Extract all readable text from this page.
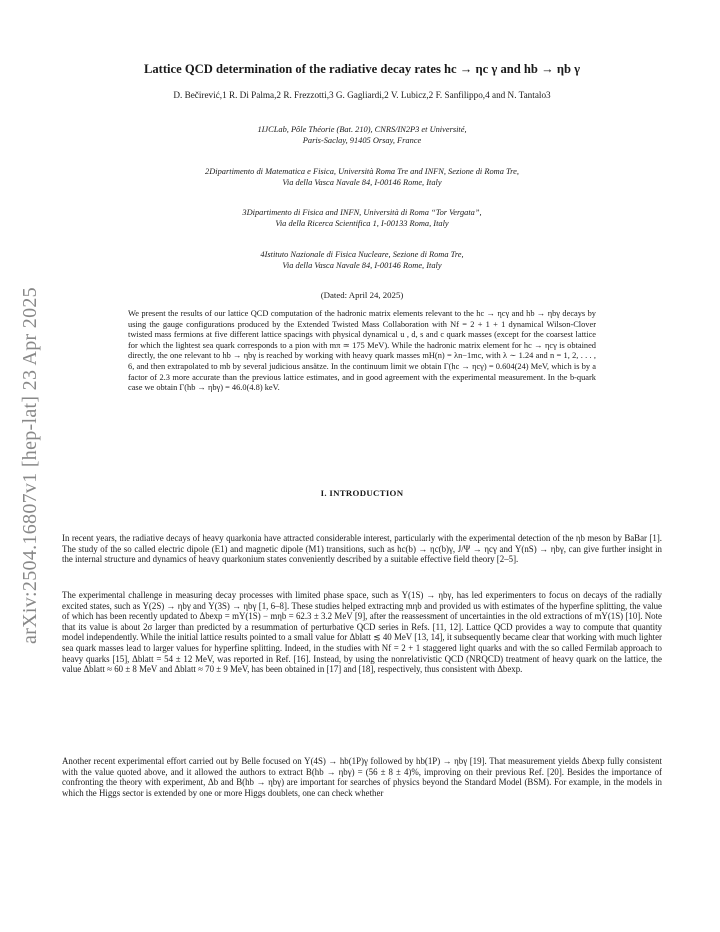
arXiv:2504.16807v1 [hep-lat] 23 Apr 2025
Lattice QCD determination of the radiative decay rates hc → ηc γ and hb → ηb γ
D. Bečirević,1 R. Di Palma,2 R. Frezzotti,3 G. Gagliardi,2 V. Lubicz,2 F. Sanfilippo,4 and N. Tantalo3

1IJCLab, Pôle Théorie (Bat. 210), CNRS/IN2P3 et Université,

Paris-Saclay, 91405 Orsay, France

2Dipartimento di Matematica e Fisica, Università Roma Tre and INFN, Sezione di Roma Tre,

Via della Vasca Navale 84, I-00146 Rome, Italy

3Dipartimento di Fisica and INFN, Università di Roma “Tor Vergata”,

Via della Ricerca Scientifica 1, I-00133 Roma, Italy

4Istituto Nazionale di Fisica Nucleare, Sezione di Roma Tre,

Via della Vasca Navale 84, I-00146 Rome, Italy

(Dated: April 24, 2025)

We present the results of our lattice QCD computation of the hadronic matrix elements relevant to the hc → ηcγ and hb → ηbγ decays by using the gauge configurations produced by the Extended Twisted Mass Collaboration with Nf = 2 + 1 + 1 dynamical Wilson-Clover twisted mass fermions at five different lattice spacings with physical dynamical u , d, s and c quark masses (except for the coarsest lattice for which the lightest sea quark corresponds to a pion with mπ ≃ 175 MeV). While the hadronic matrix element for hc → ηcγ is obtained directly, the one relevant to hb → ηbγ is reached by working with heavy quark masses mH(n) = λn−1mc, with λ ∼ 1.24 and n = 1, 2, . . . , 6, and then extrapolated to mb by several judicious ansätze. In the continuum limit we obtain Γ(hc → ηcγ) = 0.604(24) MeV, which is by a factor of 2.3 more accurate than the previous lattice estimates, and in good agreement with the experimental measurement. In the b-quark case we obtain Γ(hb → ηbγ) = 46.0(4.8) keV.

I. INTRODUCTION

In recent years, the radiative decays of heavy quarkonia have attracted considerable interest, particularly with the experimental detection of the ηb meson by BaBar [1]. The study of the so called electric dipole (E1) and magnetic dipole (M1) transitions, such as hc(b) → ηc(b)γ, J/Ψ → ηcγ and Υ(nS) → ηbγ, can give further insight in the internal structure and dynamics of heavy quarkonium states conveniently described by a suitable effective field theory [2–5].

The experimental challenge in measuring decay processes with limited phase space, such as Υ(1S) → ηbγ, has led experimenters to focus on decays of the radially excited states, such as Υ(2S) → ηbγ and Υ(3S) → ηbγ [1, 6–8]. These studies helped extracting mηb and provided us with estimates of the hyperfine splitting, the value of which has been recently updated to Δbexp = mΥ(1S) − mηb = 62.3 ± 3.2 MeV [9], after the reassessment of uncertainties in the old extractions of mΥ(1S) [10]. Note that its value is about 2σ larger than predicted by a resummation of perturbative QCD series in Refs. [11, 12]. Lattice QCD provides a way to compute that quantity model independently. While the initial lattice results pointed to a small value for Δblatt ≲ 40 MeV [13, 14], it subsequently became clear that working with much lighter sea quark masses lead to larger values for hyperfine splitting. Indeed, in the studies with Nf = 2 + 1 staggered light quarks and with the so called Fermilab approach to heavy quarks [15], Δblatt = 54 ± 12 MeV, was reported in Ref. [16]. Instead, by using the nonrelativistic QCD (NRQCD) treatment of heavy quark on the lattice, the value Δblatt ≈ 60 ± 8 MeV and Δblatt ≈ 70 ± 9 MeV, has been obtained in [17] and [18], respectively, thus consistent with Δbexp.

Another recent experimental effort carried out by Belle focused on Υ(4S) → hb(1P)γ followed by hb(1P) → ηbγ [19]. That measurement yields Δbexp fully consistent with the value quoted above, and it allowed the authors to extract B(hb → ηbγ) = (56 ± 8 ± 4)%, improving on their previous Ref. [20]. Besides the importance of confronting the theory with experiment, Δb and B(hb → ηbγ) are important for searches of physics beyond the Standard Model (BSM). For example, in the models in which the Higgs sector is extended by one or more Higgs doublets, one can check whether
